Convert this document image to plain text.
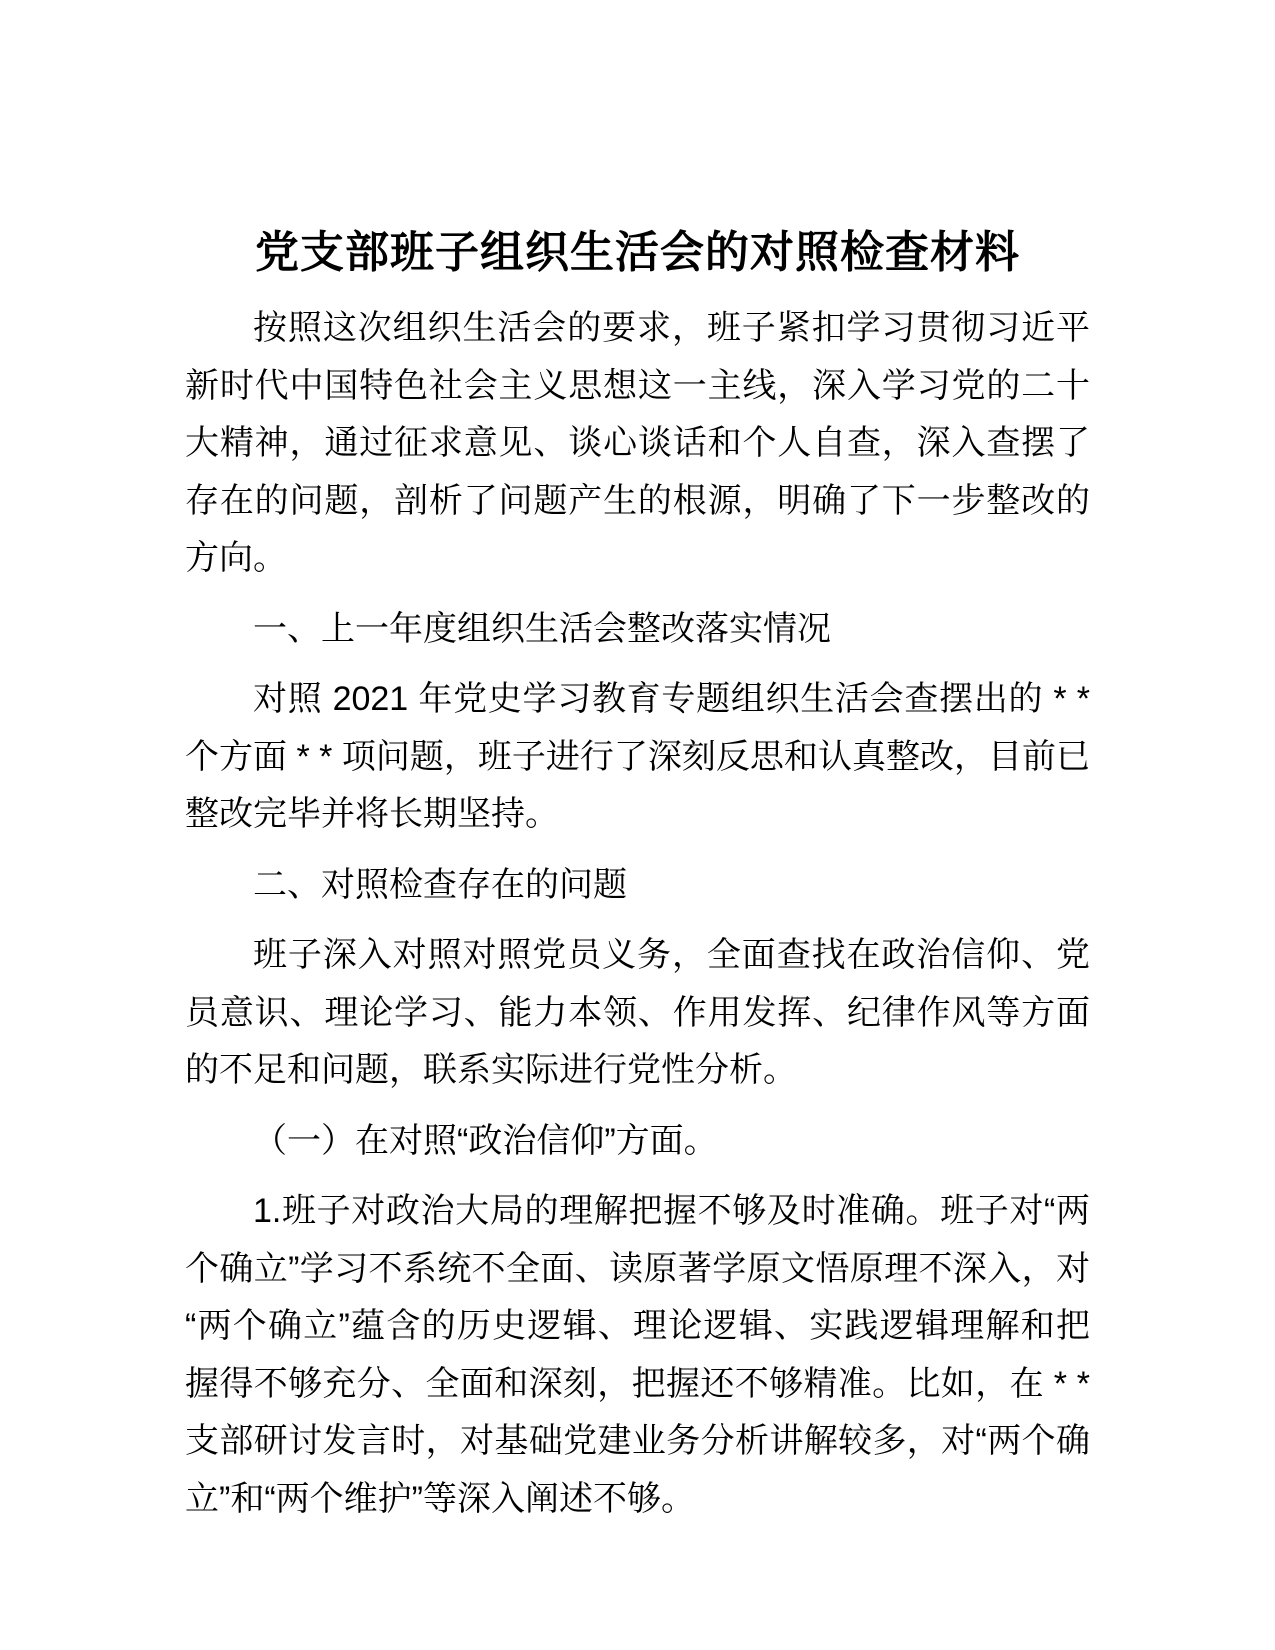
党支部班子组织生活会的对照检查材料

按照这次组织生活会的要求，班子紧扣学习贯彻习近平新时代中国特色社会主义思想这一主线，深入学习党的二十大精神，通过征求意见、谈心谈话和个人自查，深入查摆了存在的问题，剖析了问题产生的根源，明确了下一步整改的方向。

一、上一年度组织生活会整改落实情况

对照 2021 年党史学习教育专题组织生活会查摆出的 * * 个方面 * * 项问题，班子进行了深刻反思和认真整改，目前已整改完毕并将长期坚持。

二、对照检查存在的问题

班子深入对照对照党员义务，全面查找在政治信仰、党员意识、理论学习、能力本领、作用发挥、纪律作风等方面的不足和问题，联系实际进行党性分析。

（一）在对照“政治信仰”方面。

1.班子对政治大局的理解把握不够及时准确。班子对“两个确立”学习不系统不全面、读原著学原文悟原理不深入，对“两个确立”蕴含的历史逻辑、理论逻辑、实践逻辑理解和把握得不够充分、全面和深刻，把握还不够精准。比如，在 * * 支部研讨发言时，对基础党建业务分析讲解较多，对“两个确立”和“两个维护”等深入阐述不够。
